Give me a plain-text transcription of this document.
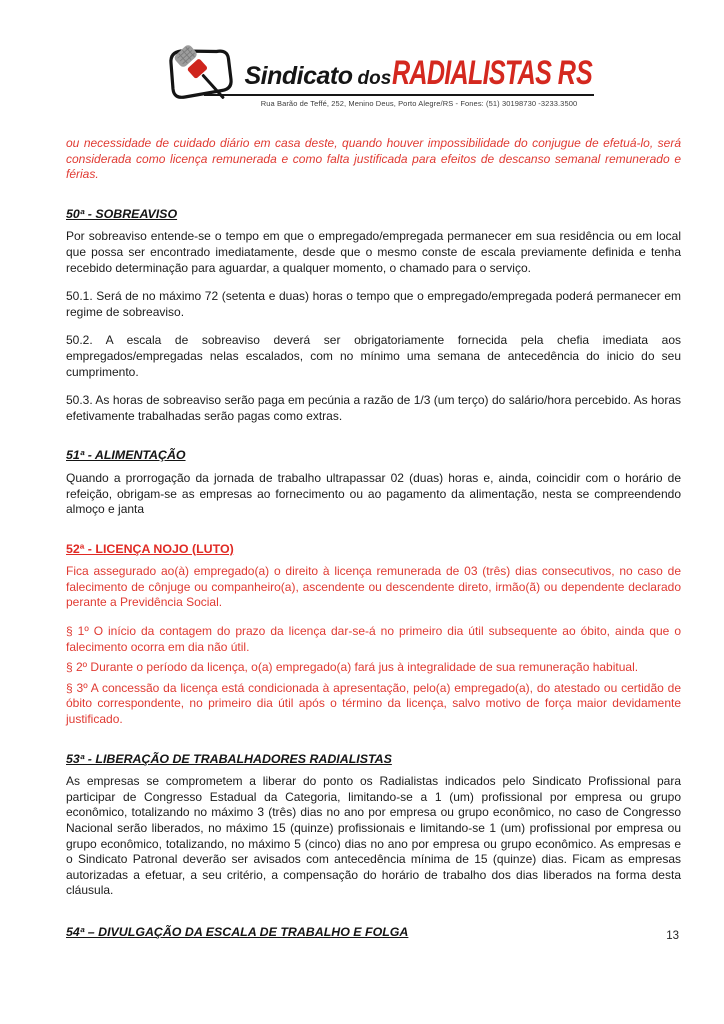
Sindicato dos RADIALISTAS RS
Rua Barão de Teffé, 252, Menino Deus, Porto Alegre/RS - Fones: (51) 30198730 -3233.3500

ou necessidade de cuidado diário em casa deste, quando houver impossibilidade do conjugue de efetuá-lo, será considerada como licença remunerada e como falta justificada para efeitos de descanso semanal remunerado e férias.

50ª - SOBREAVISO

Por sobreaviso entende-se o tempo em que o empregado/empregada permanecer em sua residência ou em local que possa ser encontrado imediatamente, desde que o mesmo conste de escala previamente definida e tenha recebido determinação para aguardar, a qualquer momento, o chamado para o serviço.

50.1. Será de no máximo 72 (setenta e duas) horas o tempo que o empregado/empregada poderá permanecer em regime de sobreaviso.

50.2. A escala de sobreaviso deverá ser obrigatoriamente fornecida pela chefia imediata aos empregados/empregadas nelas escalados, com no mínimo uma semana de antecedência do inicio do seu cumprimento.

50.3. As horas de sobreaviso serão paga em pecúnia a razão de 1/3 (um terço) do salário/hora percebido. As horas efetivamente trabalhadas serão pagas como extras.

51ª - ALIMENTAÇÃO

Quando a prorrogação da jornada de trabalho ultrapassar 02 (duas) horas e, ainda, coincidir com o horário de refeição, obrigam-se as empresas ao fornecimento ou ao pagamento da alimentação, nesta se compreendendo almoço e janta

52ª - LICENÇA NOJO (LUTO)

Fica assegurado ao(à) empregado(a) o direito à licença remunerada de 03 (três) dias consecutivos, no caso de falecimento de cônjuge ou companheiro(a), ascendente ou descendente direto, irmão(ã) ou dependente declarado perante a Previdência Social.

§ 1º O início da contagem do prazo da licença dar-se-á no primeiro dia útil subsequente ao óbito, ainda que o falecimento ocorra em dia não útil.

§ 2º Durante o período da licença, o(a) empregado(a) fará jus à integralidade de sua remuneração habitual.

§ 3º A concessão da licença está condicionada à apresentação, pelo(a) empregado(a), do atestado ou certidão de óbito correspondente, no primeiro dia útil após o término da licença, salvo motivo de força maior devidamente justificado.

53ª - LIBERAÇÃO DE TRABALHADORES RADIALISTAS

As empresas se comprometem a liberar do ponto os Radialistas indicados pelo Sindicato Profissional para participar de Congresso Estadual da Categoria, limitando-se a 1 (um) profissional por empresa ou grupo econômico, totalizando no máximo 3 (três) dias no ano por empresa ou grupo econômico, no caso de Congresso Nacional serão liberados, no máximo 15 (quinze) profissionais e limitando-se 1 (um) profissional por empresa ou grupo econômico, totalizando, no máximo 5 (cinco) dias no ano por empresa ou grupo econômico. As empresas e o Sindicato Patronal deverão ser avisados com antecedência mínima de 15 (quinze) dias. Ficam as empresas autorizadas a efetuar, a seu critério, a compensação do horário de trabalho dos dias liberados na forma desta cláusula.

54ª – DIVULGAÇÃO DA ESCALA DE TRABALHO E FOLGA	13
